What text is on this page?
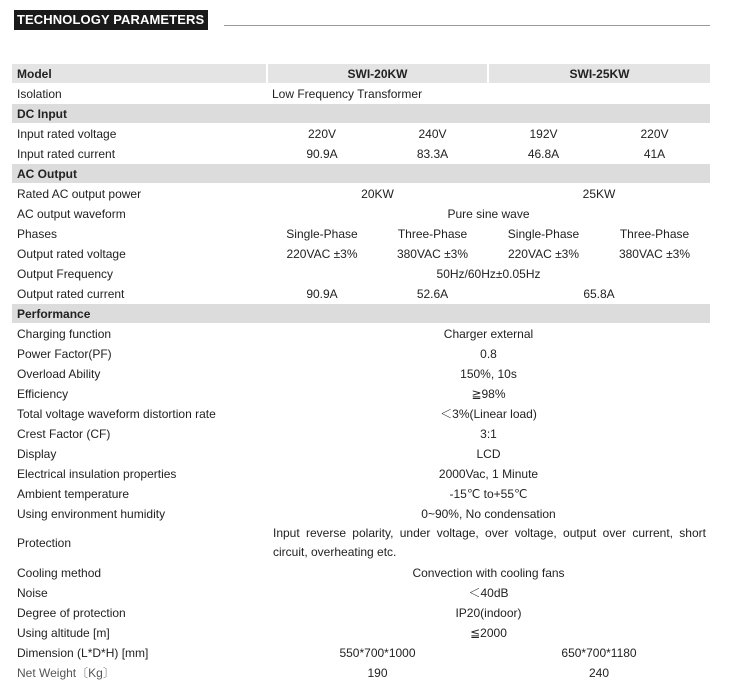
TECHNOLOGY PARAMETERS
Model	SWI-20KW		SWI-25KW	
Isolation	Low Frequency Transformer			
DC Input				
Input rated voltage	220V	240V	192V	220V
Input rated current	90.9A	83.3A	46.8A	41A
AC Output				
Rated AC output power	20KW		25KW	
AC output waveform	Pure sine wave			
Phases	Single-Phase	Three-Phase	Single-Phase	Three-Phase
Output rated voltage	220VAC ±3%	380VAC ±3%	220VAC ±3%	380VAC ±3%
Output Frequency	50Hz/60Hz±0.05Hz			
Output rated current	90.9A	52.6A	65.8A	
Performance				
Charging function	Charger external			
Power Factor(PF)	0.8			
Overload Ability	150%, 10s			
Efficiency	≧98%			
Total voltage waveform distortion rate	＜3%(Linear load)			
Crest Factor (CF)	3:1			
Display	LCD			
Electrical insulation properties	2000Vac, 1 Minute			
Ambient temperature	-15℃ to+55℃			
Using environment humidity	0~90%, No condensation			
Protection	Input reverse polarity, under voltage, over voltage, output over current, short circuit, overheating etc.			
Cooling method	Convection with cooling fans			
Noise	＜40dB			
Degree of protection	IP20(indoor)			
Using altitude [m]	≦2000			
Dimension (L*D*H) [mm]	550*700*1000		650*700*1180	
Net Weight〔Kg〕	190		240	
